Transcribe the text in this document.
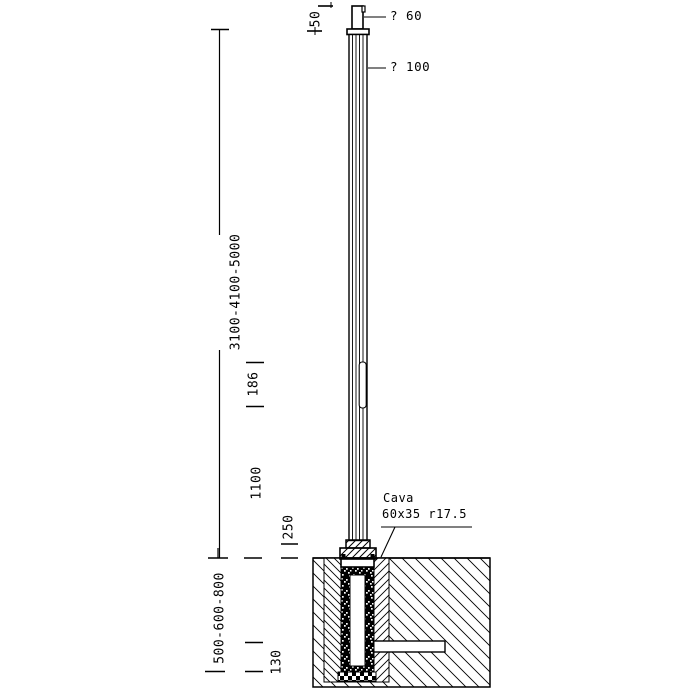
3100-4100-5000
186
1100
250
500-600-800	130
50	? 60
? 100
Cava
60x35 r17.5
